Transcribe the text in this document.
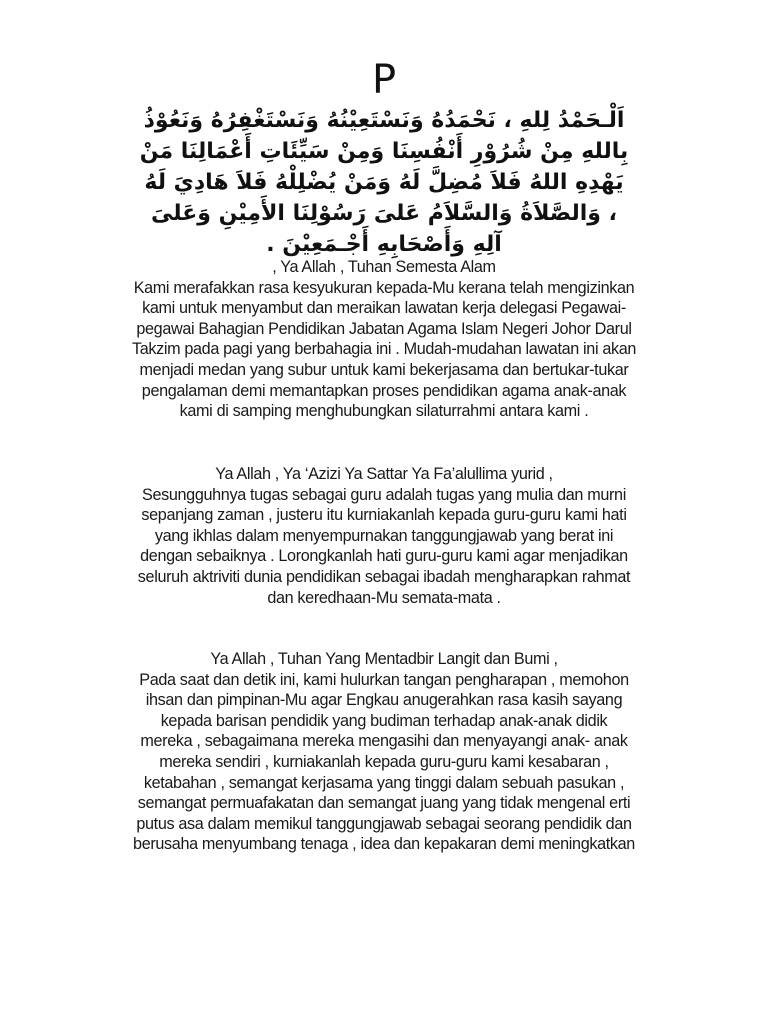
P
اَلْـحَمْدُ لِلهِ ، نَحْمَدُهُ وَنَسْتَعِيْنُهُ وَنَسْتَغْفِرُهُ وَنَعُوْذُ
بِاللهِ مِنْ شُرُوْرِ أَنْفُسِنَا وَمِنْ سَيِّئَاتِ أَعْمَالِنَا مَنْ
يَهْدِهِ اللهُ فَلاَ مُضِلَّ لَهُ وَمَنْ يُضْلِلْهُ فَلاَ هَادِيَ لَهُ
، وَالصَّلاَةُ وَالسَّلاَمُ عَلىَ رَسُوْلِنَا الأَمِيْنِ وَعَلىَ
آلِهِ وَأَصْحَابِهِ أَجْـمَعِيْنَ .
, Ya Allah , Tuhan Semesta Alam
Kami merafakkan rasa kesyukuran kepada-Mu kerana telah mengizinkan
kami untuk menyambut dan meraikan lawatan kerja delegasi Pegawai-
pegawai Bahagian Pendidikan Jabatan Agama Islam Negeri Johor Darul
Takzim pada pagi yang berbahagia ini . Mudah-mudahan lawatan ini akan
menjadi medan yang subur untuk kami bekerjasama dan bertukar-tukar
pengalaman demi memantapkan proses pendidikan agama anak-anak
kami di samping menghubungkan silaturrahmi antara kami .
Ya Allah , Ya ‘Azizi Ya Sattar Ya Fa’alullima yurid ,
Sesungguhnya tugas sebagai guru adalah tugas yang mulia dan murni
sepanjang zaman , justeru itu kurniakanlah kepada guru-guru kami hati
yang ikhlas dalam menyempurnakan tanggungjawab yang berat ini
dengan sebaiknya . Lorongkanlah hati guru-guru kami agar menjadikan
seluruh aktriviti dunia pendidikan sebagai ibadah mengharapkan rahmat
dan keredhaan-Mu semata-mata .
Ya Allah , Tuhan Yang Mentadbir Langit dan Bumi ,
Pada saat dan detik ini, kami hulurkan tangan pengharapan , memohon
ihsan dan pimpinan-Mu agar Engkau anugerahkan rasa kasih sayang
kepada barisan pendidik yang budiman terhadap anak-anak didik
mereka , sebagaimana mereka mengasihi dan menyayangi anak- anak
mereka sendiri , kurniakanlah kepada guru-guru kami kesabaran ,
ketabahan , semangat kerjasama yang tinggi dalam sebuah pasukan ,
semangat permuafakatan dan semangat juang yang tidak mengenal erti
putus asa dalam memikul tanggungjawab sebagai seorang pendidik dan
berusaha menyumbang tenaga , idea dan kepakaran demi meningkatkan
